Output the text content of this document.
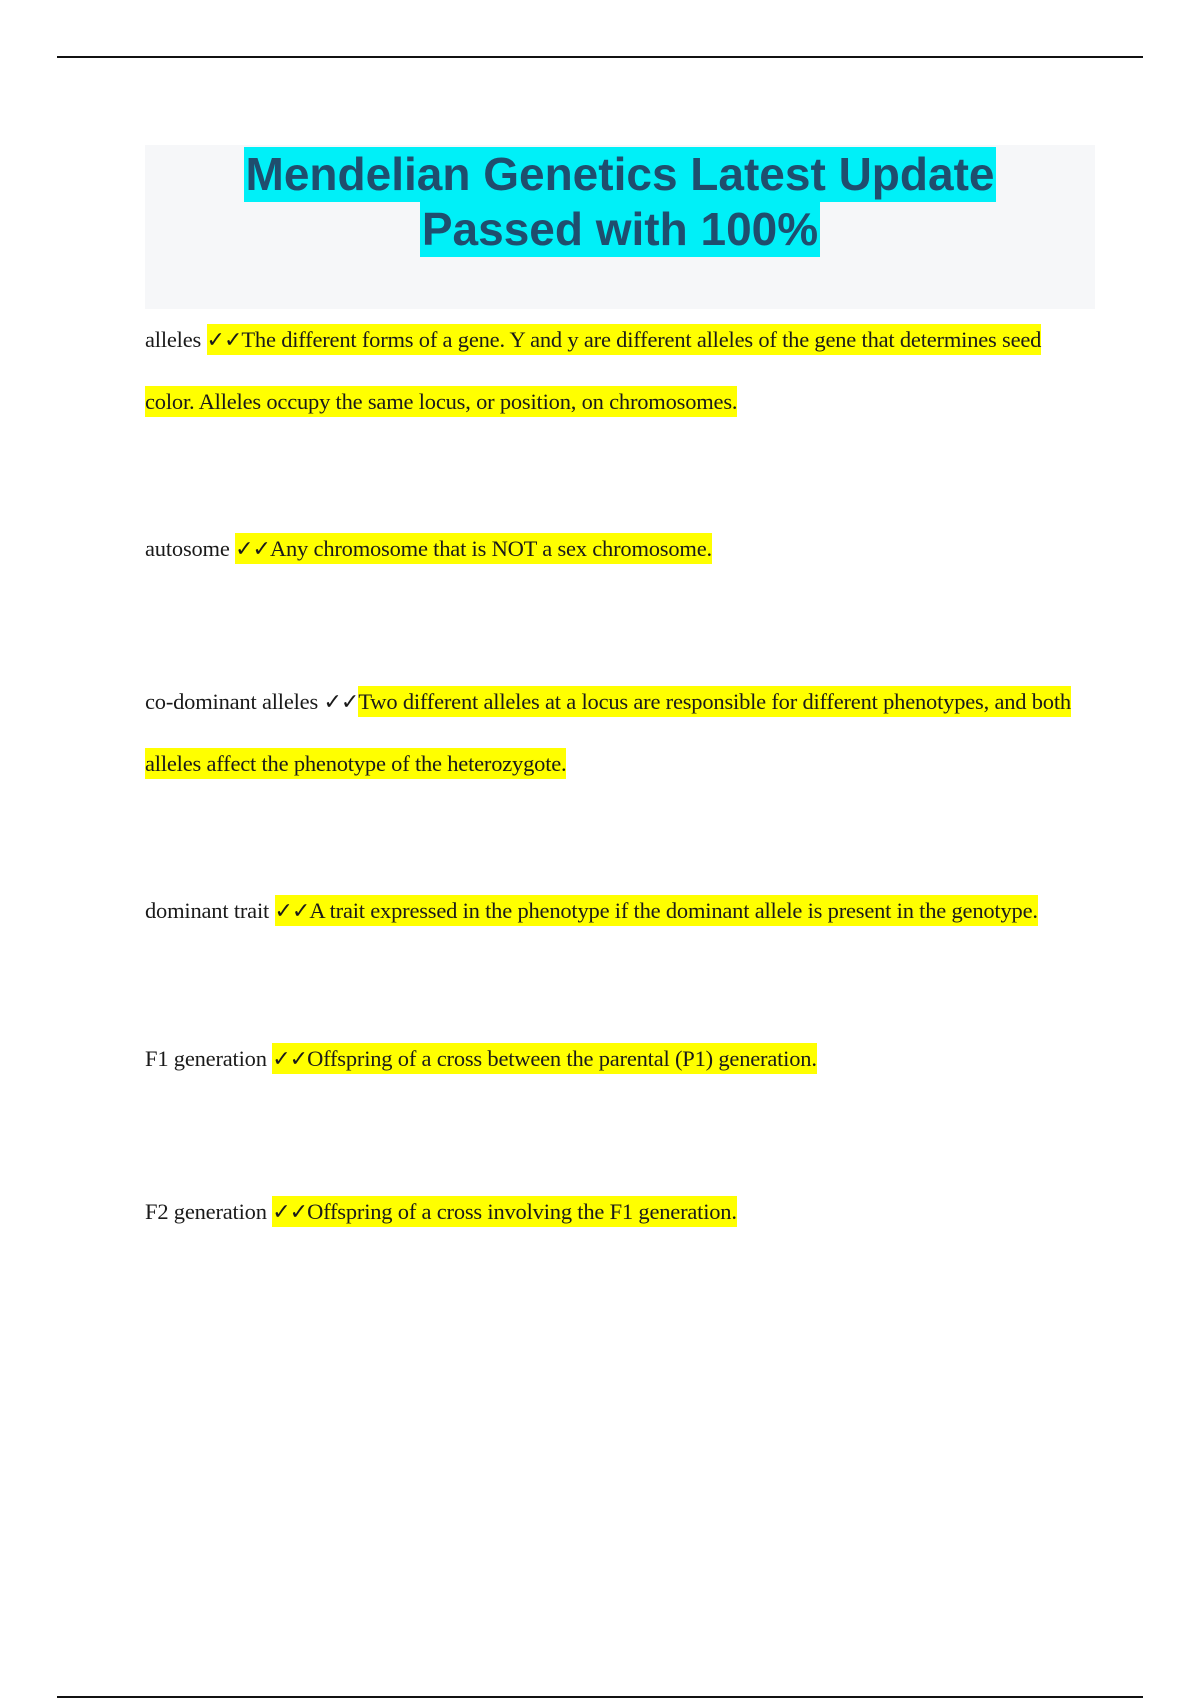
Mendelian Genetics Latest Update
Passed with 100%
alleles ✓✓The different forms of a gene. Y and y are different alleles of the gene that determines seed color. Alleles occupy the same locus, or position, on chromosomes.
autosome ✓✓Any chromosome that is NOT a sex chromosome.
co-dominant alleles ✓✓Two different alleles at a locus are responsible for different phenotypes, and both alleles affect the phenotype of the heterozygote.
dominant trait ✓✓A trait expressed in the phenotype if the dominant allele is present in the genotype.
F1 generation ✓✓Offspring of a cross between the parental (P1) generation.
F2 generation ✓✓Offspring of a cross involving the F1 generation.
